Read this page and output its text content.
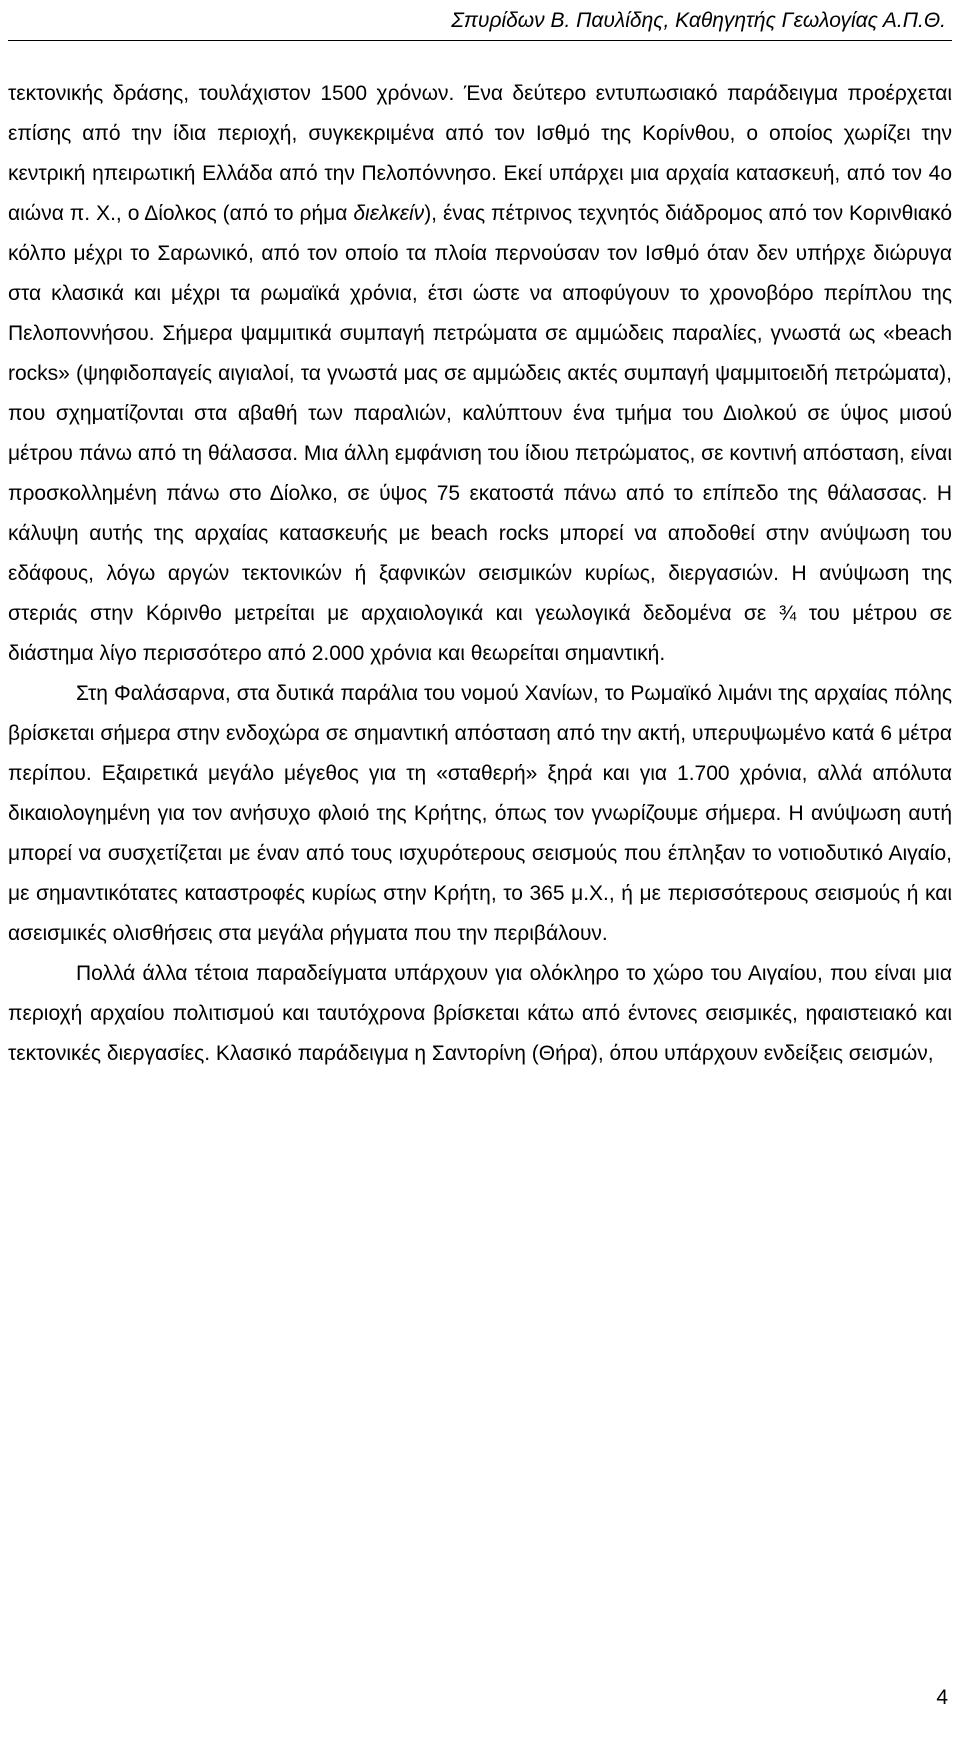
Σπυρίδων Β. Παυλίδης, Καθηγητής Γεωλογίας Α.Π.Θ.

τεκτονικής δράσης, τουλάχιστον 1500 χρόνων. Ένα δεύτερο εντυπωσιακό παράδειγμα προέρχεται επίσης από την ίδια περιοχή, συγκεκριμένα από τον Ισθμό της Κορίνθου, ο οποίος χωρίζει την κεντρική ηπειρωτική Ελλάδα από την Πελοπόννησο. Εκεί υπάρχει μια αρχαία κατασκευή, από τον 4ο αιώνα π. Χ., ο Δίολκος (από το ρήμα διελκείν), ένας πέτρινος τεχνητός διάδρομος από τον Κορινθιακό κόλπο μέχρι το Σαρωνικό, από τον οποίο τα πλοία περνούσαν τον Ισθμό όταν δεν υπήρχε διώρυγα στα κλασικά και μέχρι τα ρωμαϊκά χρόνια, έτσι ώστε να αποφύγουν το χρονοβόρο περίπλου της Πελοποννήσου. Σήμερα ψαμμιτικά συμπαγή πετρώματα σε αμμώδεις παραλίες, γνωστά ως «beach rocks» (ψηφιδοπαγείς αιγιαλοί, τα γνωστά μας σε αμμώδεις ακτές συμπαγή ψαμμιτοειδή πετρώματα), που σχηματίζονται στα αβαθή των παραλιών, καλύπτουν ένα τμήμα του Διολκού σε ύψος μισού μέτρου πάνω από τη θάλασσα. Μια άλλη εμφάνιση του ίδιου πετρώματος, σε κοντινή απόσταση, είναι προσκολλημένη πάνω στο Δίολκο, σε ύψος 75 εκατοστά πάνω από το επίπεδο της θάλασσας. Η κάλυψη αυτής της αρχαίας κατασκευής με beach rocks μπορεί να αποδοθεί στην ανύψωση του εδάφους, λόγω αργών τεκτονικών ή ξαφνικών σεισμικών κυρίως, διεργασιών. Η ανύψωση της στεριάς στην Κόρινθο μετρείται με αρχαιολογικά και γεωλογικά δεδομένα σε ¾ του μέτρου σε διάστημα λίγο περισσότερο από 2.000 χρόνια και θεωρείται σημαντική.

Στη Φαλάσαρνα, στα δυτικά παράλια του νομού Χανίων, το Ρωμαϊκό λιμάνι της αρχαίας πόλης βρίσκεται σήμερα στην ενδοχώρα σε σημαντική απόσταση από την ακτή, υπερυψωμένο κατά 6 μέτρα περίπου. Εξαιρετικά μεγάλο μέγεθος για τη «σταθερή» ξηρά και για 1.700 χρόνια, αλλά απόλυτα δικαιολογημένη για τον ανήσυχο φλοιό της Κρήτης, όπως τον γνωρίζουμε σήμερα. Η ανύψωση αυτή μπορεί να συσχετίζεται με έναν από τους ισχυρότερους σεισμούς που έπληξαν το νοτιοδυτικό Αιγαίο, με σημαντικότατες καταστροφές κυρίως στην Κρήτη, το 365 μ.Χ., ή με περισσότερους σεισμούς ή και ασεισμικές ολισθήσεις στα μεγάλα ρήγματα που την περιβάλουν.

Πολλά άλλα τέτοια παραδείγματα υπάρχουν για ολόκληρο το χώρο του Αιγαίου, που είναι μια περιοχή αρχαίου πολιτισμού και ταυτόχρονα βρίσκεται κάτω από έντονες σεισμικές, ηφαιστειακό και τεκτονικές διεργασίες. Κλασικό παράδειγμα η Σαντορίνη (Θήρα), όπου υπάρχουν ενδείξεις σεισμών,

4
